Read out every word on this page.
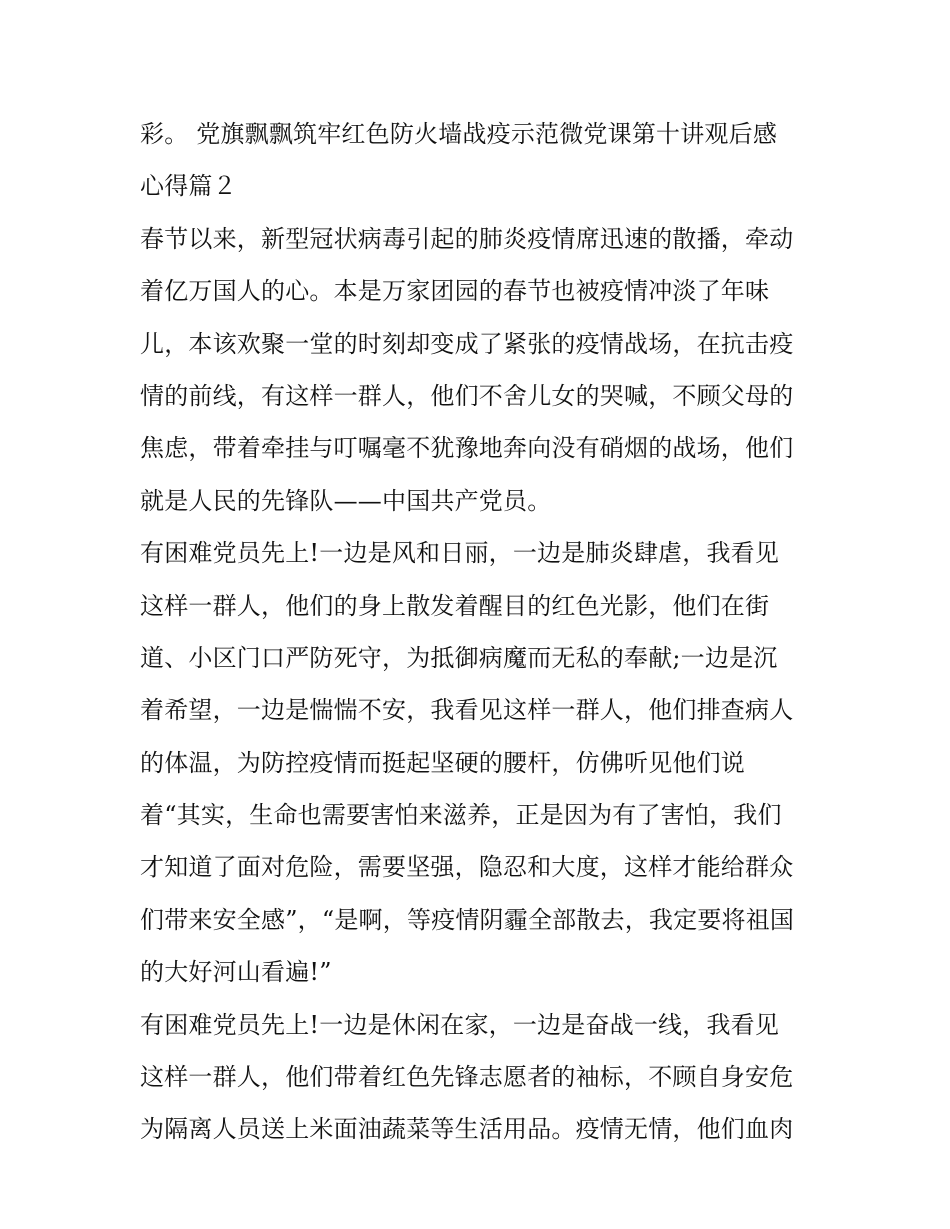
彩。 党旗飘飘筑牢红色防火墙战疫示范微党课第十讲观后感
心得篇２
春节以来，新型冠状病毒引起的肺炎疫情席迅速的散播，牵动
着亿万国人的心。本是万家团园的春节也被疫情冲淡了年味
儿，本该欢聚一堂的时刻却变成了紧张的疫情战场，在抗击疫
情的前线，有这样一群人，他们不舍儿女的哭喊，不顾父母的
焦虑，带着牵挂与叮嘱毫不犹豫地奔向没有硝烟的战场，他们
就是人民的先锋队——中国共产党员。
有困难党员先上!一边是风和日丽，一边是肺炎肆虐，我看见
这样一群人，他们的身上散发着醒目的红色光影，他们在街
道、小区门口严防死守，为抵御病魔而无私的奉献;一边是沉
着希望，一边是惴惴不安，我看见这样一群人，他们排查病人
的体温，为防控疫情而挺起坚硬的腰杆，仿佛听见他们说
着“其实，生命也需要害怕来滋养，正是因为有了害怕，我们
才知道了面对危险，需要坚强，隐忍和大度，这样才能给群众
们带来安全感”，“是啊，等疫情阴霾全部散去，我定要将祖国
的大好河山看遍!”
有困难党员先上!一边是休闲在家，一边是奋战一线，我看见
这样一群人，他们带着红色先锋志愿者的袖标，不顾自身安危
为隔离人员送上米面油蔬菜等生活用品。疫情无情，他们血肉
